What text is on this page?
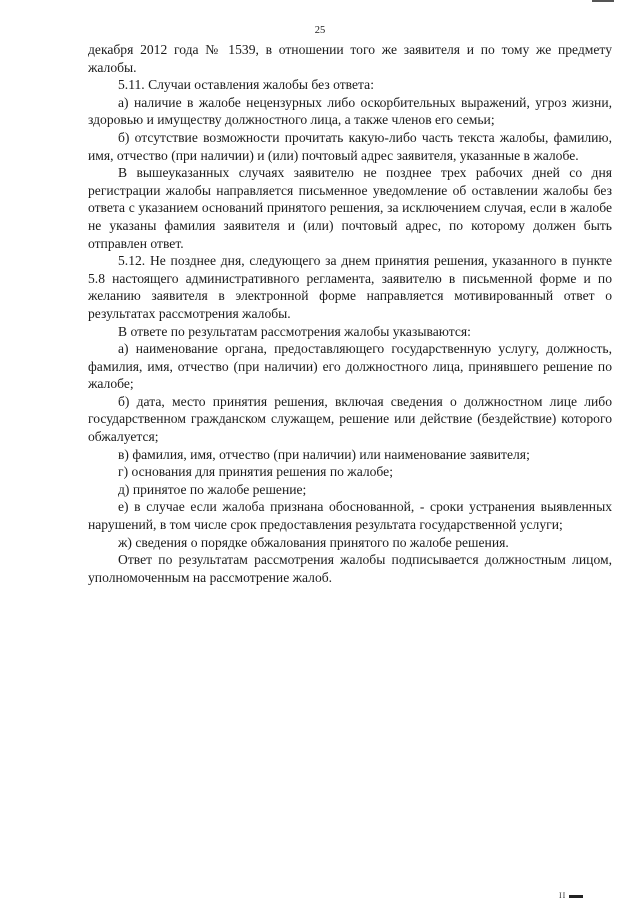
25

декабря 2012 года № 1539, в отношении того же заявителя и по тому же предмету жалобы.

5.11. Случаи оставления жалобы без ответа:

а) наличие в жалобе нецензурных либо оскорбительных выражений, угроз жизни, здоровью и имуществу должностного лица, а также членов его семьи;

б) отсутствие возможности прочитать какую-либо часть текста жалобы, фамилию, имя, отчество (при наличии) и (или) почтовый адрес заявителя, указанные в жалобе.

В вышеуказанных случаях заявителю не позднее трех рабочих дней со дня регистрации жалобы направляется письменное уведомление об оставлении жалобы без ответа с указанием оснований принятого решения, за исключением случая, если в жалобе не указаны фамилия заявителя и (или) почтовый адрес, по которому должен быть отправлен ответ.

5.12. Не позднее дня, следующего за днем принятия решения, указанного в пункте 5.8 настоящего административного регламента, заявителю в письменной форме и по желанию заявителя в электронной форме направляется мотивированный ответ о результатах рассмотрения жалобы.

В ответе по результатам рассмотрения жалобы указываются:

а) наименование органа, предоставляющего государственную услугу, должность, фамилия, имя, отчество (при наличии) его должностного лица, принявшего решение по жалобе;

б) дата, место принятия решения, включая сведения о должностном лице либо государственном гражданском служащем, решение или действие (бездействие) которого обжалуется;

в) фамилия, имя, отчество (при наличии) или наименование заявителя;

г) основания для принятия решения по жалобе;

д) принятое по жалобе решение;

е) в случае если жалоба признана обоснованной, - сроки устранения выявленных нарушений, в том числе срок предоставления результата государственной услуги;

ж) сведения о порядке обжалования принятого по жалобе решения.

Ответ по результатам рассмотрения жалобы подписывается должностным лицом, уполномоченным на рассмотрение жалоб.

II
